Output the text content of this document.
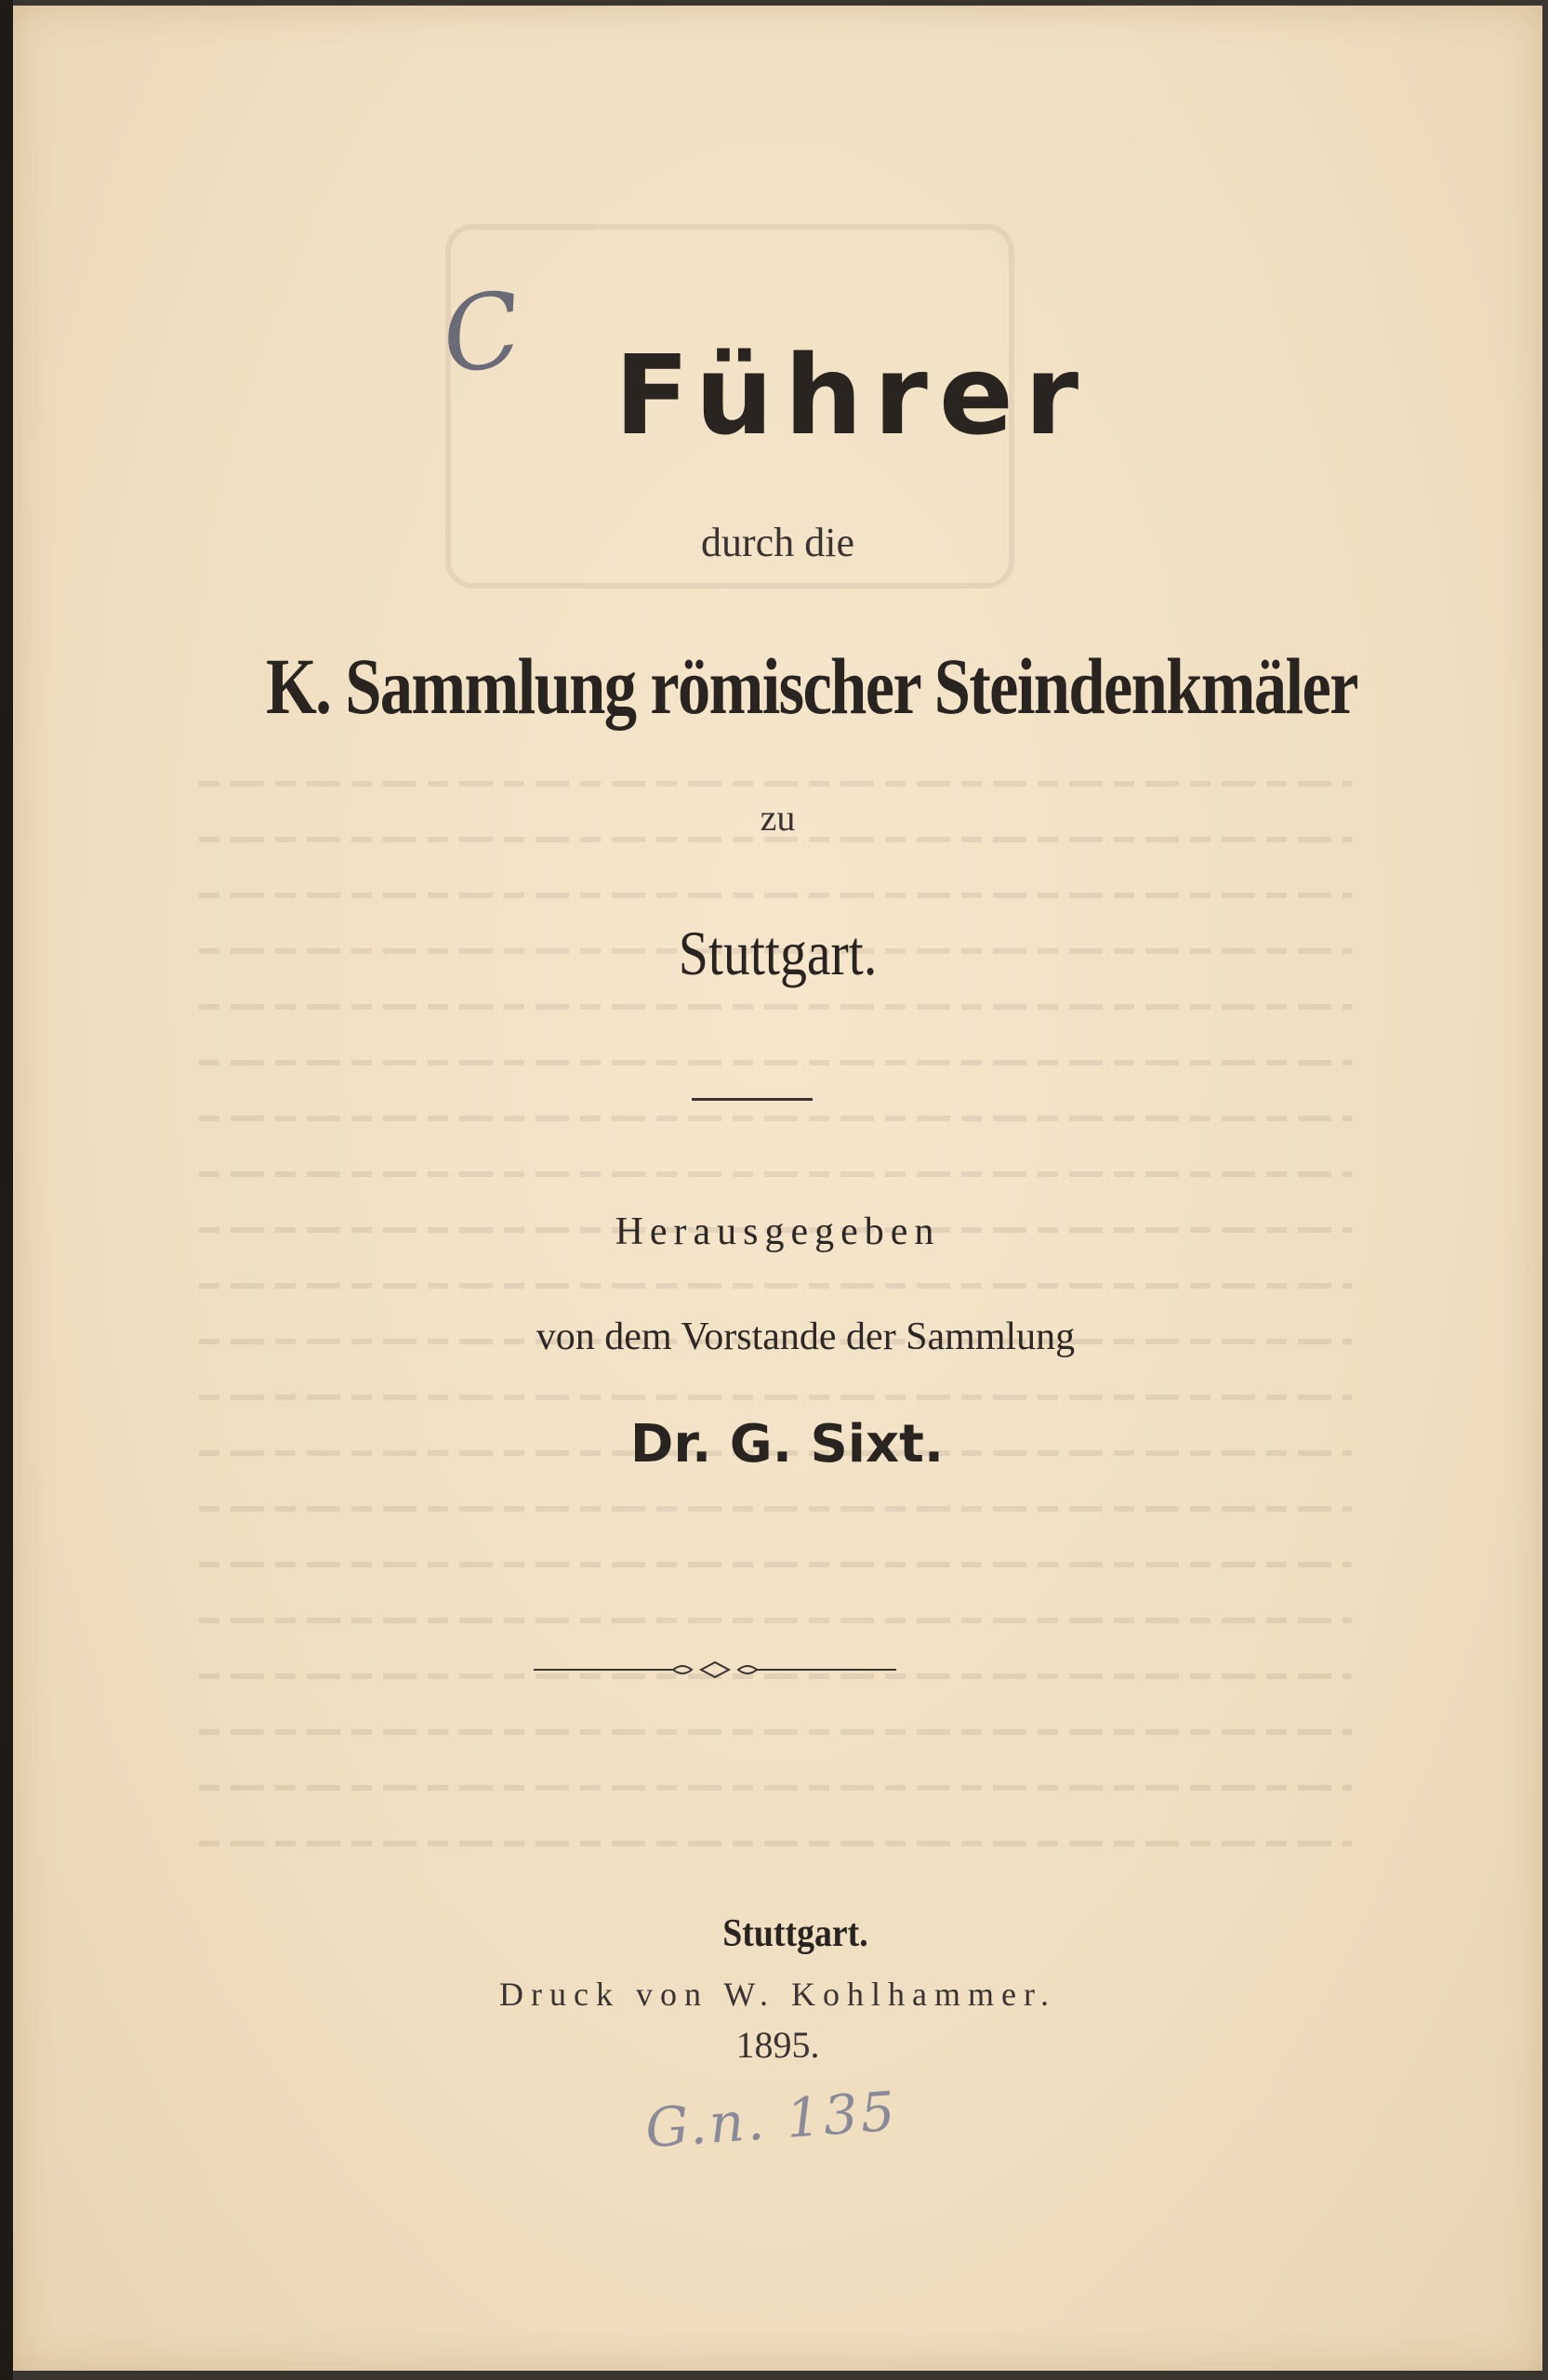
C Führer
durch die
K. Sammlung römischer Steindenkmäler
zu
Stuttgart.
Herausgegeben
von dem Vorstande der Sammlung
Dr. G. Sixt.
Stuttgart.
Druck von W. Kohlhammer.
1895.
G.n. 135
